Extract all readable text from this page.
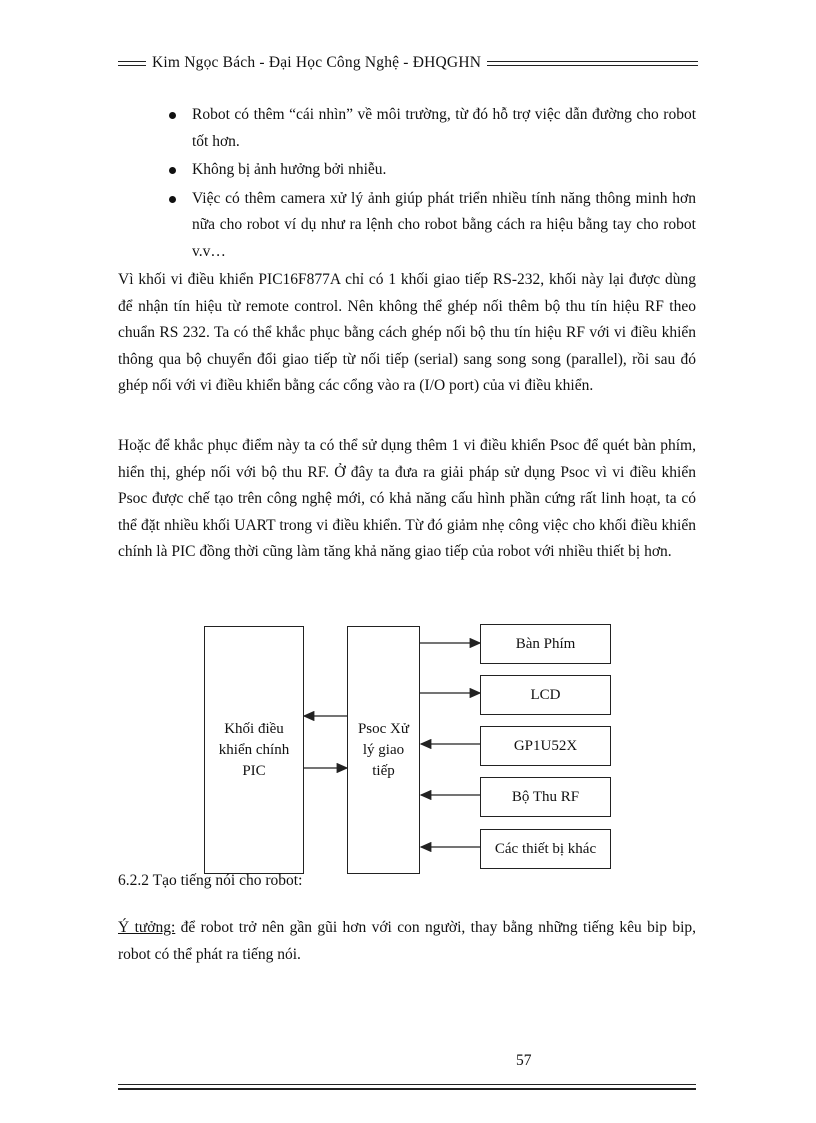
Kim Ngọc Bách - Đại Học Công Nghệ - ĐHQGHN
Robot có thêm “cái nhìn” về môi trường, từ đó hỗ trợ việc dẫn đường cho robot tốt hơn.
Không bị ảnh hưởng bởi nhiễu.
Việc có thêm camera xử lý ảnh giúp phát triển nhiều tính năng thông minh hơn nữa cho robot ví dụ như ra lệnh cho robot bằng cách ra hiệu bằng tay cho robot v.v…

Vì khối vi điều khiển PIC16F877A chỉ có 1 khối giao tiếp RS-232, khối này lại được dùng để nhận tín hiệu từ remote control. Nên không thể ghép nối thêm bộ thu tín hiệu RF theo chuẩn RS 232. Ta có thể khắc phục bằng cách ghép nối bộ thu tín hiệu RF với vi điều khiển thông qua bộ chuyển đổi giao tiếp từ nối tiếp (serial) sang song song (parallel), rồi sau đó ghép nối với vi điều khiển bằng các cổng vào ra (I/O port) của vi điều khiển.

Hoặc để khắc phục điểm này ta có thể sử dụng thêm 1 vi điều khiển Psoc để quét bàn phím, hiển thị, ghép nối với bộ thu RF. Ở đây ta đưa ra giải pháp sử dụng Psoc vì vi điều khiển Psoc được chế tạo trên công nghệ mới, có khả năng cấu hình phần cứng rất linh hoạt, ta có thể đặt nhiều khối UART trong vi điều khiển. Từ đó giảm nhẹ công việc cho khối điều khiển chính là PIC đồng thời cũng làm tăng khả năng giao tiếp của robot với nhiều thiết bị hơn.

Khối điều khiển chính PIC
Psoc Xử lý giao tiếp
Bàn Phím
LCD
GP1U52X
Bộ Thu RF
Các thiết bị khác
6.2.2 Tạo tiếng nói cho robot:

Ý tưởng: để robot trở nên gần gũi hơn với con người, thay bằng những tiếng kêu bip bip, robot có thể phát ra tiếng nói.

57
